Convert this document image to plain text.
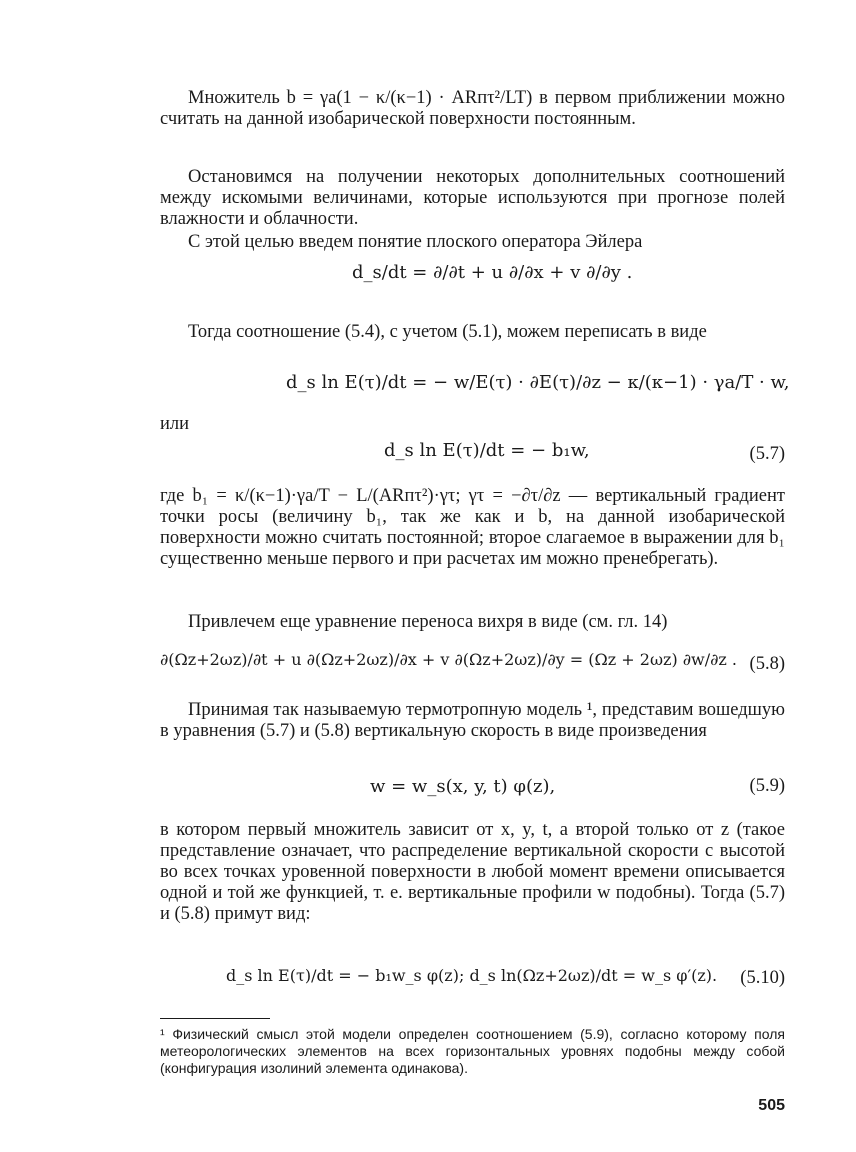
Множитель b = γa(1 − κ/(κ−1) · ARпτ²/LT) в первом приближении можно считать на данной изобарической поверхности постоянным.

Остановимся на получении некоторых дополнительных соотношений между искомыми величинами, которые используются при прогнозе полей влажности и облачности.

С этой целью введем понятие плоского оператора Эйлера

d_s/dt = ∂/∂t + u ∂/∂x + v ∂/∂y .

Тогда соотношение (5.4), с учетом (5.1), можем переписать в виде

d_s ln E(τ)/dt = − w/E(τ) · ∂E(τ)/∂z − κ/(κ−1) · γa/T · w,

или

d_s ln E(τ)/dt = − b₁w,	(5.7)

где b₁ = κ/(κ−1)·γa/T − L/(ARпτ²)·γτ; γτ = −∂τ/∂z — вертикальный градиент точки росы (величину b₁, так же как и b, на данной изобарической поверхности можно считать постоянной; второе слагаемое в выражении для b₁ существенно меньше первого и при расчетах им можно пренебрегать).

Привлечем еще уравнение переноса вихря в виде (см. гл. 14)

∂(Ωz+2ωz)/∂t + u ∂(Ωz+2ωz)/∂x + v ∂(Ωz+2ωz)/∂y = (Ωz + 2ωz) ∂w/∂z . (5.8)

Принимая так называемую термотропную модель ¹, представим вошедшую в уравнения (5.7) и (5.8) вертикальную скорость в виде произведения

w = w_s(x, y, t) φ(z),	(5.9)

в котором первый множитель зависит от x, y, t, а второй только от z (такое представление означает, что распределение вертикальной скорости с высотой во всех точках уровенной поверхности в любой момент времени описывается одной и той же функцией, т. е. вертикальные профили w подобны). Тогда (5.7) и (5.8) примут вид:

d_s ln E(τ)/dt = − b₁w_s φ(z); d_s ln(Ωz+2ωz)/dt = w_s φ′(z). (5.10)

¹ Физический смысл этой модели определен соотношением (5.9), согласно которому поля метеорологических элементов на всех горизонтальных уровнях подобны между собой (конфигурация изолиний элемента одинакова).

505
